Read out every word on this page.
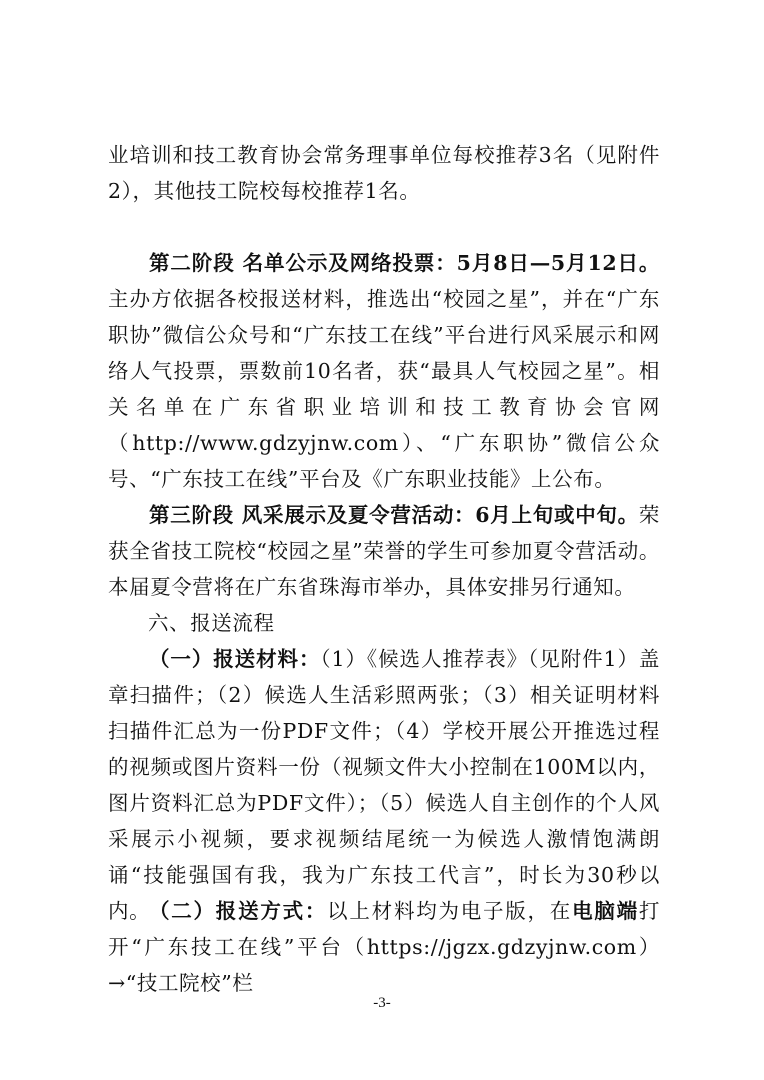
业培训和技工教育协会常务理事单位每校推荐3名（见附件2），其他技工院校每校推荐1名。
第二阶段 名单公示及网络投票：5月8日—5月12日。主办方依据各校报送材料，推选出“校园之星”，并在“广东职协”微信公众号和“广东技工在线”平台进行风采展示和网络人气投票，票数前10名者，获“最具人气校园之星”。相关名单在广东省职业培训和技工教育协会官网（http://www.gdzyjnw.com）、“广东职协”微信公众号、“广东技工在线”平台及《广东职业技能》上公布。
第三阶段 风采展示及夏令营活动：6月上旬或中旬。荣获全省技工院校“校园之星”荣誉的学生可参加夏令营活动。本届夏令营将在广东省珠海市举办，具体安排另行通知。
六、报送流程
（一）报送材料：（1）《候选人推荐表》（见附件1）盖章扫描件；（2）候选人生活彩照两张；（3）相关证明材料扫描件汇总为一份PDF文件；（4）学校开展公开推选过程的视频或图片资料一份（视频文件大小控制在100M以内，图片资料汇总为PDF文件）；（5）候选人自主创作的个人风采展示小视频，要求视频结尾统一为候选人激情饱满朗诵“技能强国有我，我为广东技工代言”，时长为30秒以内。
（二）报送方式：以上材料均为电子版，在电脑端打开“广东技工在线”平台（https://jgzx.gdzyjnw.com）→“技工院校”栏
-3-
